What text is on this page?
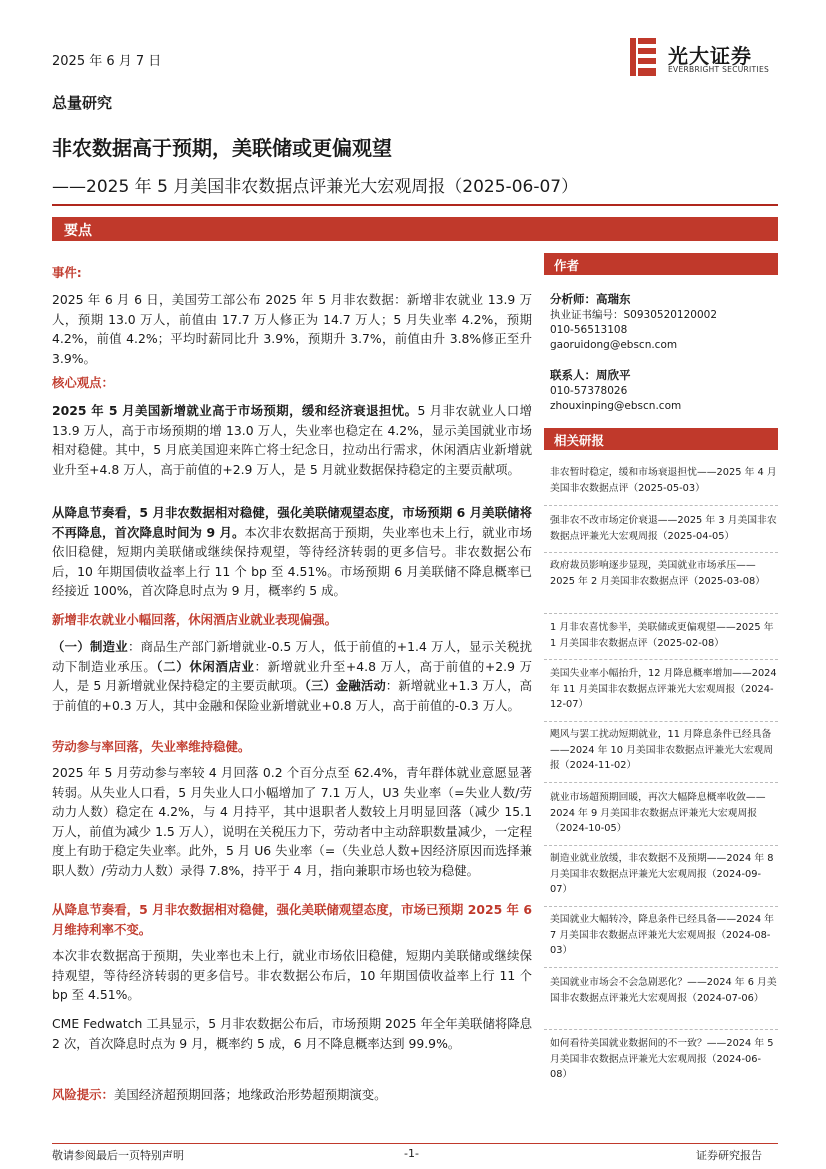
2025 年 6 月 7 日	光大证券
EVERBRIGHT SECURITIES
总量研究
非农数据高于预期，美联储或更偏观望
——2025 年 5 月美国非农数据点评兼光大宏观周报（2025-06-07）
要点

事件:

2025 年 6 月 6 日，美国劳工部公布 2025 年 5 月非农数据：新增非农就业 13.9 万人，预期 13.0 万人，前值由 17.7 万人修正为 14.7 万人；5 月失业率 4.2%，预期 4.2%，前值 4.2%；平均时薪同比升 3.9%，预期升 3.7%，前值由升 3.8%修正至升 3.9%。

核心观点：

2025 年 5 月美国新增就业高于市场预期，缓和经济衰退担忧。5 月非农就业人口增 13.9 万人，高于市场预期的增 13.0 万人，失业率也稳定在 4.2%，显示美国就业市场相对稳健。其中，5 月底美国迎来阵亡将士纪念日，拉动出行需求，休闲酒店业新增就业升至+4.8 万人，高于前值的+2.9 万人，是 5 月就业数据保持稳定的主要贡献项。

从降息节奏看，5 月非农数据相对稳健，强化美联储观望态度，市场预期 6 月美联储将不再降息，首次降息时间为 9 月。本次非农数据高于预期，失业率也未上行，就业市场依旧稳健，短期内美联储或继续保持观望，等待经济转弱的更多信号。非农数据公布后，10 年期国债收益率上行 11 个 bp 至 4.51%。市场预期 6 月美联储不降息概率已经接近 100%，首次降息时点为 9 月，概率约 5 成。

新增非农就业小幅回落，休闲酒店业就业表现偏强。

（一）制造业：商品生产部门新增就业-0.5 万人，低于前值的+1.4 万人，显示关税扰动下制造业承压。（二）休闲酒店业：新增就业升至+4.8 万人，高于前值的+2.9 万人，是 5 月新增就业保持稳定的主要贡献项。（三）金融活动：新增就业+1.3 万人，高于前值的+0.3 万人，其中金融和保险业新增就业+0.8 万人，高于前值的-0.3 万人。

劳动参与率回落，失业率维持稳健。

2025 年 5 月劳动参与率较 4 月回落 0.2 个百分点至 62.4%，青年群体就业意愿显著转弱。从失业人口看，5 月失业人口小幅增加了 7.1 万人，U3 失业率（=失业人数/劳动力人数）稳定在 4.2%，与 4 月持平，其中退职者人数较上月明显回落（减少 15.1 万人，前值为减少 1.5 万人），说明在关税压力下，劳动者中主动辞职数量减少，一定程度上有助于稳定失业率。此外，5 月 U6 失业率（=（失业总人数+因经济原因而选择兼职人数）/劳动力人数）录得 7.8%，持平于 4 月，指向兼职市场也较为稳健。

从降息节奏看，5 月非农数据相对稳健，强化美联储观望态度，市场已预期 2025 年 6 月维持利率不变。

本次非农数据高于预期，失业率也未上行，就业市场依旧稳健，短期内美联储或继续保持观望，等待经济转弱的更多信号。非农数据公布后，10 年期国债收益率上行 11 个 bp 至 4.51%。

CME Fedwatch 工具显示，5 月非农数据公布后，市场预期 2025 年全年美联储将降息 2 次，首次降息时点为 9 月，概率约 5 成，6 月不降息概率达到 99.9%。

风险提示：美国经济超预期回落；地缘政治形势超预期演变。

作者
分析师：高瑞东
执业证书编号：S0930520120002
010-56513108
gaoruidong@ebscn.com
联系人：周欣平
010-57378026
zhouxinping@ebscn.com
相关研报

非农暂时稳定，缓和市场衰退担忧——2025 年 4 月美国非农数据点评（2025-05-03）

强非农不改市场定价衰退——2025 年 3 月美国非农数据点评兼光大宏观周报（2025-04-05）

政府裁员影响逐步显现，美国就业市场承压——2025 年 2 月美国非农数据点评（2025-03-08）

1 月非农喜忧参半，美联储或更偏观望——2025 年 1 月美国非农数据点评（2025-02-08）

美国失业率小幅抬升，12 月降息概率增加——2024 年 11 月美国非农数据点评兼光大宏观周报（2024-12-07）

飓风与罢工扰动短期就业，11 月降息条件已经具备——2024 年 10 月美国非农数据点评兼光大宏观周报（2024-11-02）

就业市场超预期回暖，再次大幅降息概率收敛——2024 年 9 月美国非农数据点评兼光大宏观周报（2024-10-05）

制造业就业放缓，非农数据不及预期——2024 年 8 月美国非农数据点评兼光大宏观周报（2024-09-07）

美国就业大幅转冷，降息条件已经具备——2024 年 7 月美国非农数据点评兼光大宏观周报（2024-08-03）

美国就业市场会不会急剧恶化？——2024 年 6 月美国非农数据点评兼光大宏观周报（2024-07-06）

如何看待美国就业数据间的不一致？——2024 年 5 月美国非农数据点评兼光大宏观周报（2024-06-08）

敬请参阅最后一页特别声明	-1-	证券研究报告
